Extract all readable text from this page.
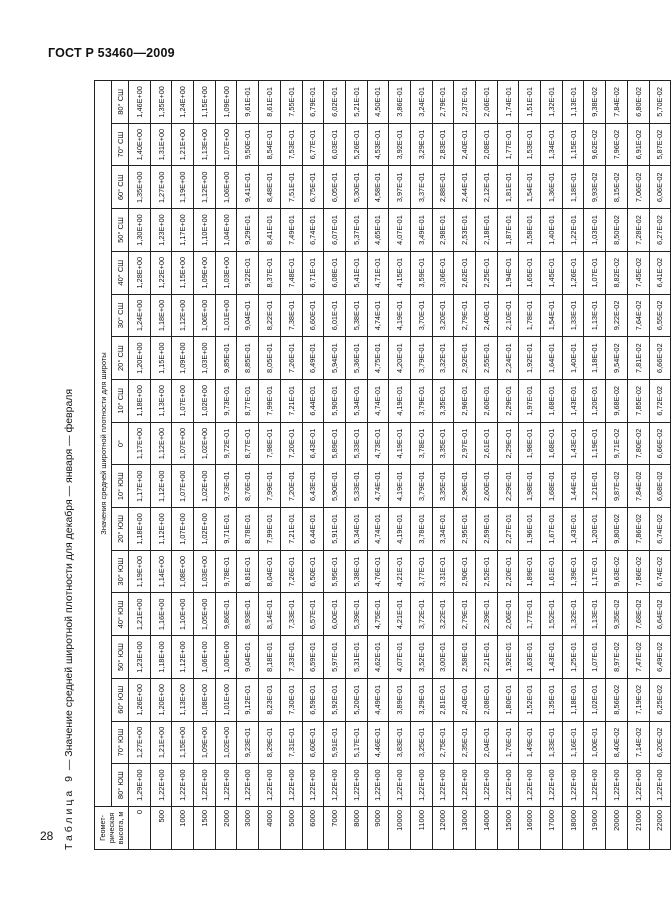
ГОСТ Р 53460—2009
28 Таблица 9 — Значение средней широтной плотности для декабря — января — февраля
Геомет-рическая высота, м	Значения средней широтной плотности для широты																
	80° ЮШ	70° ЮШ	60° ЮШ	50° ЮШ	40° ЮШ	30° ЮШ	20° ЮШ	10° ЮШ	0°	10° СШ	20° СШ	30° СШ	40° СШ	50° СШ	60° СШ	70° СШ	80° СШ
0	1,29E+00	1,27E+00	1,26E+00	1,23E+00	1,21E+00	1,19E+00	1,18E+00	1,17E+00	1,17E+00	1,18E+00	1,20E+00	1,24E+00	1,28E+00	1,30E+00	1,35E+00	1,40E+00	1,46E+00
500	1,22E+00	1,21E+00	1,20E+00	1,18E+00	1,16E+00	1,14E+00	1,12E+00	1,12E+00	1,12E+00	1,13E+00	1,15E+00	1,18E+00	1,22E+00	1,23E+00	1,27E+00	1,31E+00	1,35E+00
1000	1,22E+00	1,15E+00	1,13E+00	1,12E+00	1,10E+00	1,08E+00	1,07E+00	1,07E+00	1,07E+00	1,07E+00	1,09E+00	1,12E+00	1,15E+00	1,17E+00	1,19E+00	1,21E+00	1,24E+00
1500	1,22E+00	1,09E+00	1,08E+00	1,06E+00	1,05E+00	1,03E+00	1,02E+00	1,02E+00	1,02E+00	1,02E+00	1,03E+00	1,06E+00	1,09E+00	1,10E+00	1,12E+00	1,13E+00	1,15E+00
2000	1,22E+00	1,02E+00	1,01E+00	1,00E+00	9,86E-01	9,78E-01	9,71E-01	9,73E-01	9,72E-01	9,73E-01	9,85E-01	1,01E+00	1,03E+00	1,04E+00	1,06E+00	1,07E+00	1,09E+00
3000	1,22E+00	9,23E-01	9,12E-01	9,04E-01	8,93E-01	8,81E-01	8,78E-01	8,76E-01	8,77E-01	8,77E-01	8,85E-01	9,04E-01	9,22E-01	9,29E-01	9,41E-01	9,50E-01	9,61E-01
4000	1,22E+00	8,29E-01	8,23E-01	8,18E-01	8,14E-01	8,04E-01	7,99E-01	7,99E-01	7,98E-01	7,99E-01	8,05E-01	8,22E-01	8,37E-01	8,41E-01	8,48E-01	8,54E-01	8,61E-01
5000	1,22E+00	7,31E-01	7,30E-01	7,33E-01	7,33E-01	7,26E-01	7,21E-01	7,20E-01	7,20E-01	7,21E-01	7,26E-01	7,38E-01	7,48E-01	7,49E-01	7,51E-01	7,53E-01	7,55E-01
6000	1,22E+00	6,60E-01	6,59E-01	6,59E-01	6,57E-01	6,50E-01	6,44E-01	6,43E-01	6,43E-01	6,44E-01	6,49E-01	6,60E-01	6,71E-01	6,74E-01	6,75E-01	6,77E-01	6,79E-01
7000	1,22E+00	5,91E-01	5,92E-01	5,97E-01	6,00E-01	5,95E-01	5,91E-01	5,90E-01	5,89E-01	5,90E-01	5,94E-01	6,01E-01	6,08E-01	6,07E-01	6,05E-01	6,03E-01	6,02E-01
8000	1,22E+00	5,17E-01	5,20E-01	5,31E-01	5,39E-01	5,38E-01	5,34E-01	5,33E-01	5,33E-01	5,34E-01	5,36E-01	5,38E-01	5,41E-01	5,37E-01	5,30E-01	5,26E-01	5,21E-01
9000	1,22E+00	4,46E-01	4,49E-01	4,62E-01	4,75E-01	4,76E-01	4,74E-01	4,74E-01	4,73E-01	4,74E-01	4,75E-01	4,74E-01	4,71E-01	4,65E-01	4,58E-01	4,53E-01	4,50E-01
10000	1,22E+00	3,83E-01	3,89E-01	4,07E-01	4,21E-01	4,21E-01	4,19E-01	4,19E-01	4,19E-01	4,19E-01	4,20E-01	4,19E-01	4,15E-01	4,07E-01	3,97E-01	3,92E-01	3,86E-01
11000	1,22E+00	3,25E-01	3,29E-01	3,52E-01	3,72E-01	3,77E-01	3,78E-01	3,79E-01	3,78E-01	3,79E-01	3,79E-01	3,70E-01	3,59E-01	3,49E-01	3,37E-01	3,29E-01	3,24E-01
12000	1,22E+00	2,75E-01	2,81E-01	3,00E-01	3,22E-01	3,31E-01	3,34E-01	3,35E-01	3,35E-01	3,35E-01	3,32E-01	3,20E-01	3,06E-01	2,98E-01	2,88E-01	2,83E-01	2,79E-01
13000	1,22E+00	2,35E-01	2,40E-01	2,58E-01	2,79E-01	2,90E-01	2,95E-01	2,96E-01	2,97E-01	2,96E-01	2,92E-01	2,79E-01	2,62E-01	2,53E-01	2,44E-01	2,40E-01	2,37E-01
14000	1,22E+00	2,04E-01	2,08E-01	2,21E-01	2,39E-01	2,52E-01	2,59E-01	2,60E-01	2,61E-01	2,60E-01	2,55E-01	2,40E-01	2,25E-01	2,18E-01	2,12E-01	2,08E-01	2,06E-01
15000	1,22E+00	1,76E-01	1,80E-01	1,92E-01	2,06E-01	2,20E-01	2,27E-01	2,29E-01	2,29E-01	2,29E-01	2,24E-01	2,10E-01	1,94E-01	1,87E-01	1,81E-01	1,77E-01	1,74E-01
16000	1,22E+00	1,49E-01	1,52E-01	1,63E-01	1,77E-01	1,89E-01	1,96E-01	1,98E-01	1,98E-01	1,97E-01	1,92E-01	1,78E-01	1,65E-01	1,58E-01	1,54E-01	1,53E-01	1,51E-01
17000	1,22E+00	1,33E-01	1,35E-01	1,43E-01	1,52E-01	1,61E-01	1,67E-01	1,68E-01	1,68E-01	1,68E-01	1,64E-01	1,54E-01	1,45E-01	1,40E-01	1,36E-01	1,34E-01	1,32E-01
18000	1,22E+00	1,16E-01	1,18E-01	1,25E-01	1,32E-01	1,39E-01	1,43E-01	1,44E-01	1,43E-01	1,43E-01	1,40E-01	1,33E-01	1,26E-01	1,22E-01	1,18E-01	1,15E-01	1,13E-01
19000	1,22E+00	1,00E-01	1,02E-01	1,07E-01	1,13E-01	1,17E-01	1,20E-01	1,21E-01	1,19E-01	1,20E-01	1,18E-01	1,13E-01	1,07E-01	1,03E-01	9,93E-02	9,62E-02	9,38E-02
20000	1,22E+00	8,40E-02	8,56E-02	8,97E-02	9,35E-02	9,63E-02	9,80E-02	9,87E-02	9,71E-02	9,68E-02	9,54E-02	9,22E-02	8,82E-02	8,50E-02	8,15E-02	7,96E-02	7,84E-02
21000	1,22E+00	7,14E-02	7,19E-02	7,47E-02	7,68E-02	7,86E-02	7,86E-02	7,84E-02	7,80E-02	7,85E-02	7,81E-02	7,64E-02	7,45E-02	7,28E-02	7,06E-02	6,91E-02	6,80E-02
22000	1,22E+00	6,20E-02	6,25E-02	6,49E-02	6,64E-02	6,74E-02	6,74E-02	6,68E-02	6,66E-02	6,72E-02	6,66E-02	6,55E-02	6,41E-02	6,27E-02	6,06E-02	5,87E-02	5,70E-02
